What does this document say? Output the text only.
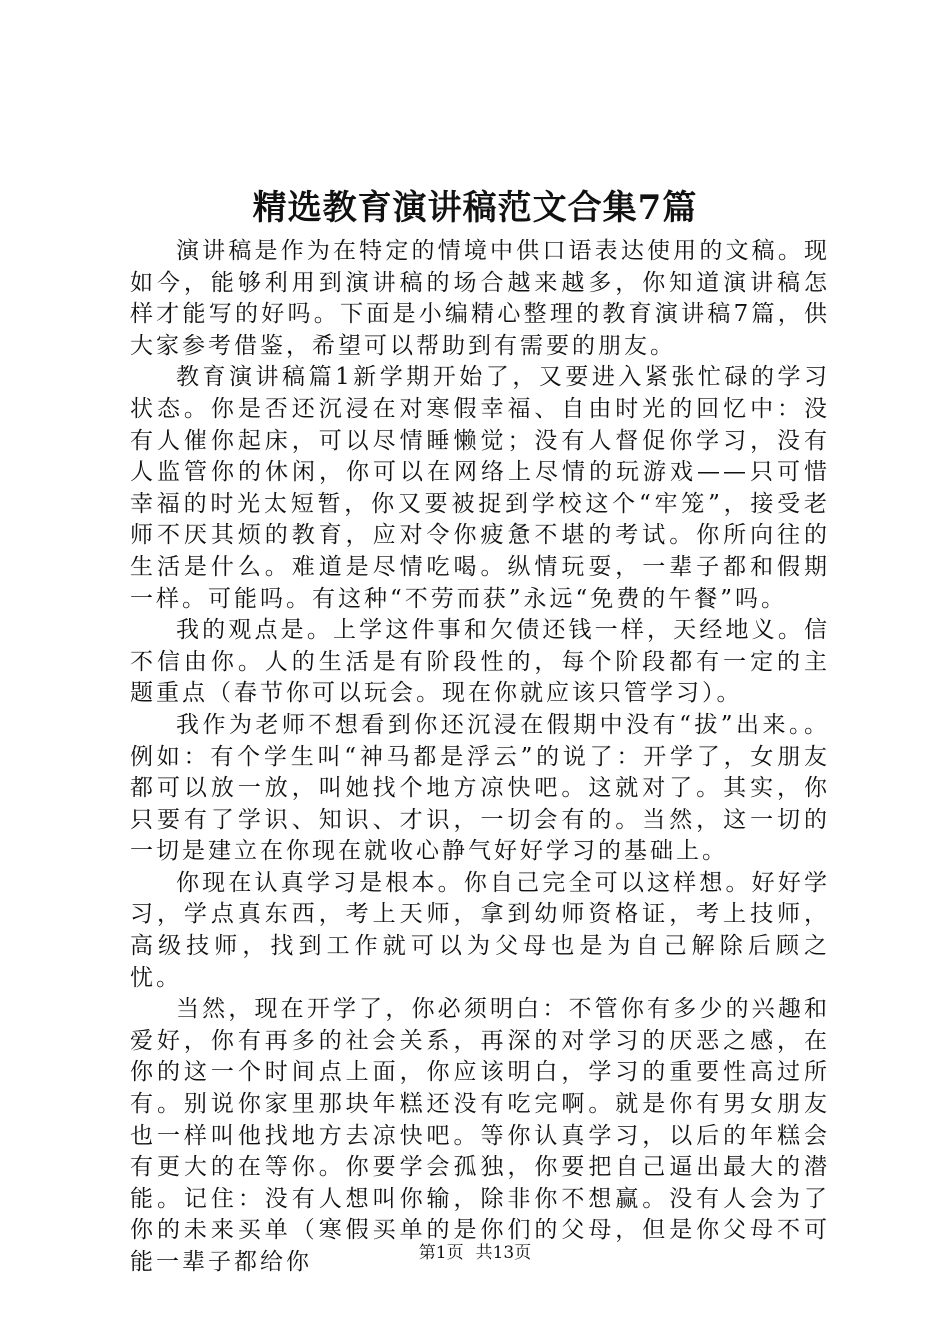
精选教育演讲稿范文合集7篇

演讲稿是作为在特定的情境中供口语表达使用的文稿。现如今，能够利用到演讲稿的场合越来越多，你知道演讲稿怎样才能写的好吗。下面是小编精心整理的教育演讲稿7篇，供大家参考借鉴，希望可以帮助到有需要的朋友。

教育演讲稿篇1新学期开始了，又要进入紧张忙碌的学习状态。你是否还沉浸在对寒假幸福、自由时光的回忆中：没有人催你起床，可以尽情睡懒觉；没有人督促你学习，没有人监管你的休闲，你可以在网络上尽情的玩游戏——只可惜幸福的时光太短暂，你又要被捉到学校这个“牢笼”，接受老师不厌其烦的教育，应对令你疲惫不堪的考试。你所向往的生活是什么。难道是尽情吃喝。纵情玩耍，一辈子都和假期一样。可能吗。有这种“不劳而获”永远“免费的午餐”吗。

我的观点是。上学这件事和欠债还钱一样，天经地义。信不信由你。人的生活是有阶段性的，每个阶段都有一定的主题重点（春节你可以玩会。现在你就应该只管学习）。

我作为老师不想看到你还沉浸在假期中没有“拔”出来。。例如：有个学生叫“神马都是浮云”的说了：开学了，女朋友都可以放一放，叫她找个地方凉快吧。这就对了。其实，你只要有了学识、知识、才识，一切会有的。当然，这一切的一切是建立在你现在就收心静气好好学习的基础上。

你现在认真学习是根本。你自己完全可以这样想。好好学习，学点真东西，考上天师，拿到幼师资格证，考上技师，高级技师，找到工作就可以为父母也是为自己解除后顾之忧。

当然，现在开学了，你必须明白：不管你有多少的兴趣和爱好，你有再多的社会关系，再深的对学习的厌恶之感，在你的这一个时间点上面，你应该明白，学习的重要性高过所有。别说你家里那块年糕还没有吃完啊。就是你有男女朋友也一样叫他找地方去凉快吧。等你认真学习，以后的年糕会有更大的在等你。你要学会孤独，你要把自己逼出最大的潜能。记住：没有人想叫你输，除非你不想赢。没有人会为了你的未来买单（寒假买单的是你们的父母，但是你父母不可能一辈子都给你	第1页 共13页
